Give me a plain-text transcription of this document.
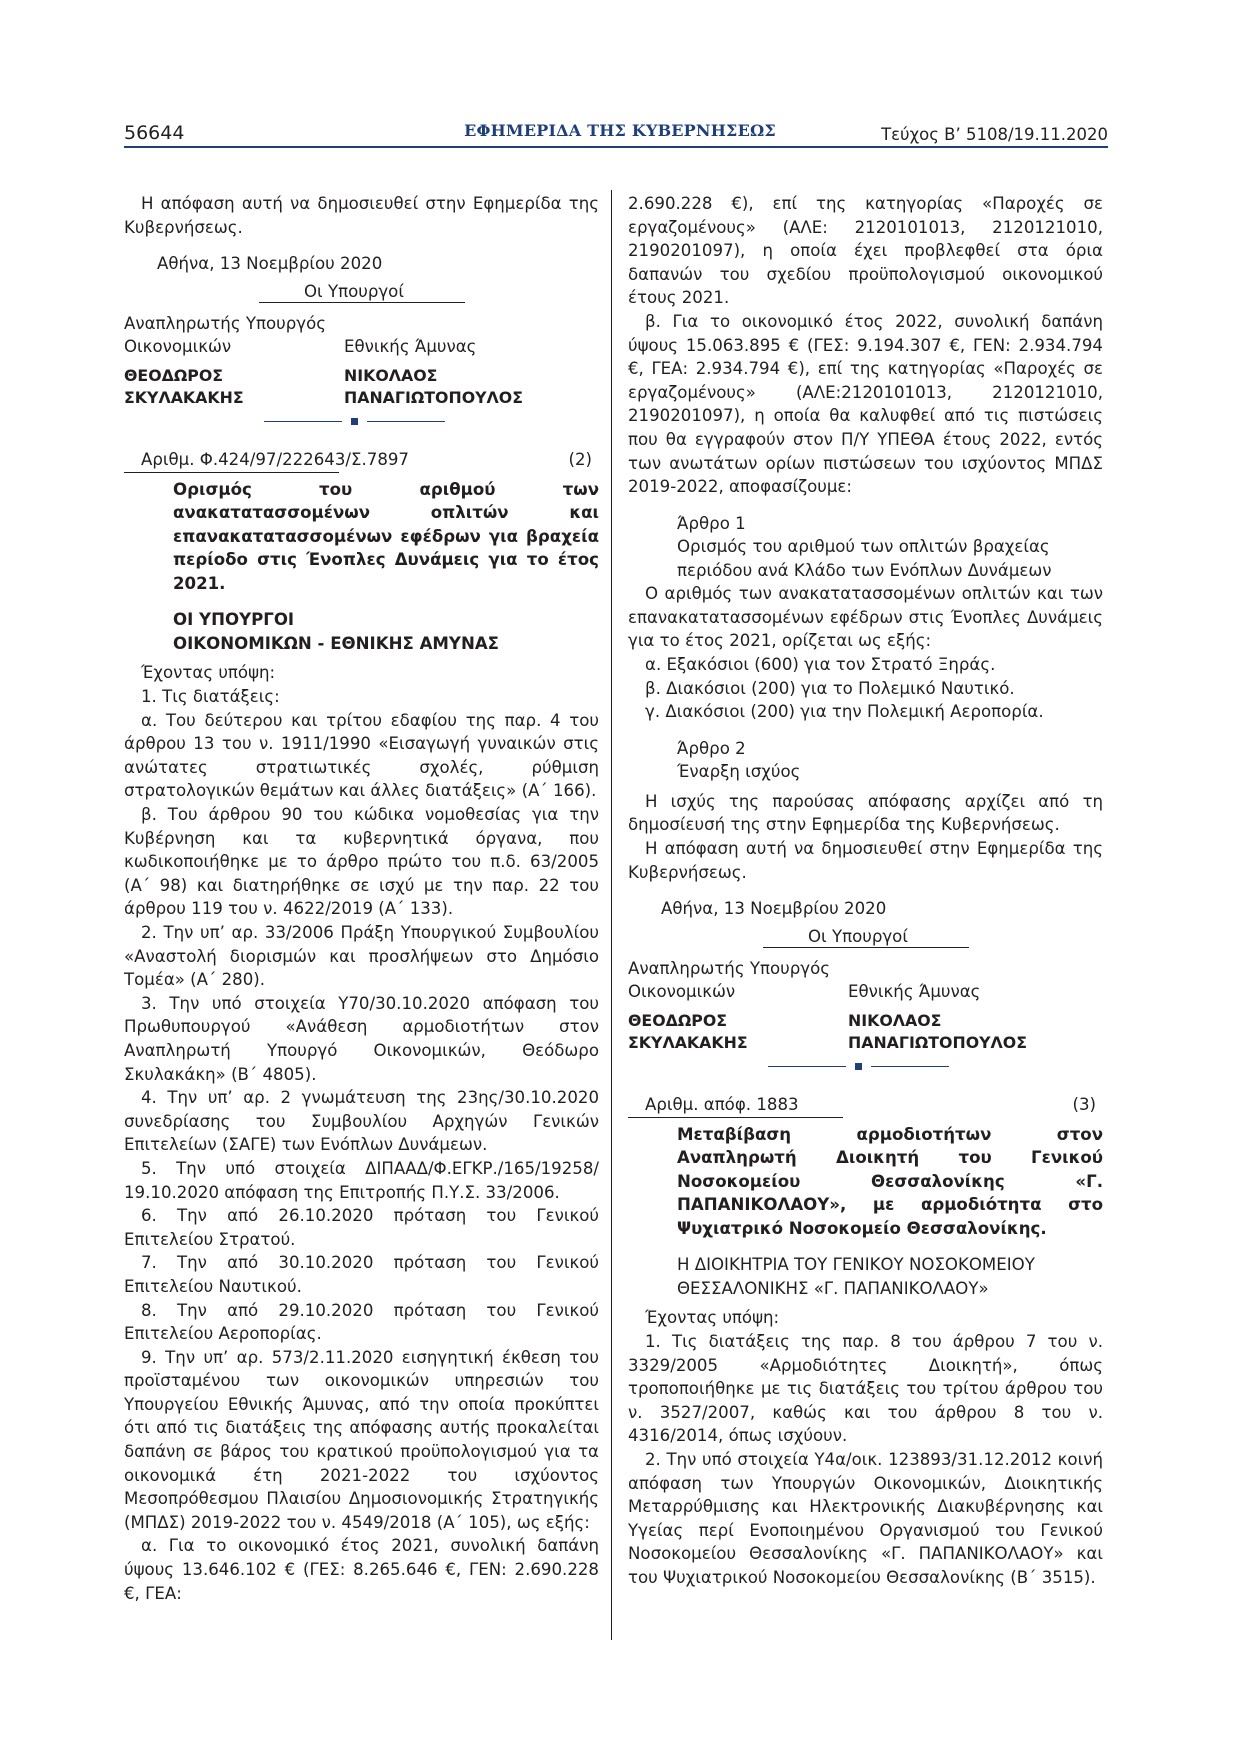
56644	ΕΦΗΜΕΡΙΔΑ ΤΗΣ ΚΥΒΕΡΝΗΣΕΩΣ	Τεύχος B’ 5108/19.11.2020

Η απόφαση αυτή να δημοσιευθεί στην Εφημερίδα της Κυβερνήσεως.

Αθήνα, 13 Νοεμβρίου 2020

Οι Υπουργοί
Αναπληρωτής Υπουργός
Οικονομικών	Εθνικής Άμυνας
ΘΕΟΔΩΡΟΣ	ΝΙΚΟΛΑΟΣ
ΣΚΥΛΑΚΑΚΗΣ	ΠΑΝΑΓΙΩΤΟΠΟΥΛΟΣ
Αριθμ. Φ.424/97/222643/Σ.7897	(2)
Ορισμός του αριθμού των ανακατατασσομένων οπλιτών και επανακατατασσομένων εφέδρων για βραχεία περίοδο στις Ένοπλες Δυνάμεις για το έτος 2021.
ΟΙ ΥΠΟΥΡΓΟΙ
ΟΙΚΟΝΟΜΙΚΩΝ - ΕΘΝΙΚΗΣ ΑΜΥΝΑΣ

Έχοντας υπόψη:

1. Τις διατάξεις:

α. Του δεύτερου και τρίτου εδαφίου της παρ. 4 του άρθρου 13 του ν. 1911/1990 «Εισαγωγή γυναικών στις ανώτατες στρατιωτικές σχολές, ρύθμιση στρατολογικών θεμάτων και άλλες διατάξεις» (Α΄ 166).

β. Του άρθρου 90 του κώδικα νομοθεσίας για την Κυβέρνηση και τα κυβερνητικά όργανα, που κωδικοποιήθηκε με το άρθρο πρώτο του π.δ. 63/2005 (Α΄ 98) και διατηρήθηκε σε ισχύ με την παρ. 22 του άρθρου 119 του ν. 4622/2019 (Α΄ 133).

2. Την υπ’ αρ. 33/2006 Πράξη Υπουργικού Συμβουλίου «Αναστολή διορισμών και προσλήψεων στο Δημόσιο Τομέα» (Α΄ 280).

3. Την υπό στοιχεία Υ70/30.10.2020 απόφαση του Πρωθυπουργού «Ανάθεση αρμοδιοτήτων στον Αναπληρωτή Υπουργό Οικονομικών, Θεόδωρο Σκυλακάκη» (Β΄ 4805).

4. Την υπ’ αρ. 2 γνωμάτευση της 23ης/30.10.2020 συνεδρίασης του Συμβουλίου Αρχηγών Γενικών Επιτελείων (ΣΑΓΕ) των Ενόπλων Δυνάμεων.

5. Την υπό στοιχεία ΔΙΠΑΑΔ/Φ.ΕΓΚΡ./165/19258/ 19.10.2020 απόφαση της Επιτροπής Π.Υ.Σ. 33/2006.

6. Την από 26.10.2020 πρόταση του Γενικού Επιτελείου Στρατού.

7. Την από 30.10.2020 πρόταση του Γενικού Επιτελείου Ναυτικού.

8. Την από 29.10.2020 πρόταση του Γενικού Επιτελείου Αεροπορίας.

9. Την υπ’ αρ. 573/2.11.2020 εισηγητική έκθεση του προϊσταμένου των οικονομικών υπηρεσιών του Υπουργείου Εθνικής Άμυνας, από την οποία προκύπτει ότι από τις διατάξεις της απόφασης αυτής προκαλείται δαπάνη σε βάρος του κρατικού προϋπολογισμού για τα οικονομικά έτη 2021-2022 του ισχύοντος Μεσοπρόθεσμου Πλαισίου Δημοσιονομικής Στρατηγικής (ΜΠΔΣ) 2019-2022 του ν. 4549/2018 (Α΄ 105), ως εξής:

α. Για το οικονομικό έτος 2021, συνολική δαπάνη ύψους 13.646.102 € (ΓΕΣ: 8.265.646 €, ΓΕΝ: 2.690.228 €, ΓΕΑ:

2.690.228 €), επί της κατηγορίας «Παροχές σε εργαζομένους» (ΑΛΕ: 2120101013, 2120121010, 2190201097), η οποία έχει προβλεφθεί στα όρια δαπανών του σχεδίου προϋπολογισμού οικονομικού έτους 2021.

β. Για το οικονομικό έτος 2022, συνολική δαπάνη ύψους 15.063.895 € (ΓΕΣ: 9.194.307 €, ΓΕΝ: 2.934.794 €, ΓΕΑ: 2.934.794 €), επί της κατηγορίας «Παροχές σε εργαζομένους» (ΑΛΕ:2120101013, 2120121010, 2190201097), η οποία θα καλυφθεί από τις πιστώσεις που θα εγγραφούν στον Π/Υ ΥΠΕΘΑ έτους 2022, εντός των ανωτάτων ορίων πιστώσεων του ισχύοντος ΜΠΔΣ 2019-2022, αποφασίζουμε:

Άρθρο 1
Ορισμός του αριθμού των οπλιτών βραχείας
περιόδου ανά Κλάδο των Ενόπλων Δυνάμεων

Ο αριθμός των ανακατατασσομένων οπλιτών και των επανακατατασσομένων εφέδρων στις Ένοπλες Δυνάμεις για το έτος 2021, ορίζεται ως εξής:

α. Εξακόσιοι (600) για τον Στρατό Ξηράς.

β. Διακόσιοι (200) για το Πολεμικό Ναυτικό.

γ. Διακόσιοι (200) για την Πολεμική Αεροπορία.

Άρθρο 2
Έναρξη ισχύος

Η ισχύς της παρούσας απόφασης αρχίζει από τη δημοσίευσή της στην Εφημερίδα της Κυβερνήσεως.

Η απόφαση αυτή να δημοσιευθεί στην Εφημερίδα της Κυβερνήσεως.

Αθήνα, 13 Νοεμβρίου 2020

Οι Υπουργοί
Αναπληρωτής Υπουργός
Οικονομικών	Εθνικής Άμυνας
ΘΕΟΔΩΡΟΣ	ΝΙΚΟΛΑΟΣ
ΣΚΥΛΑΚΑΚΗΣ	ΠΑΝΑΓΙΩΤΟΠΟΥΛΟΣ
Αριθμ. απόφ. 1883	(3)
Μεταβίβαση αρμοδιοτήτων στον Αναπληρωτή Διοικητή του Γενικού Νοσοκομείου Θεσσαλονίκης «Γ. ΠΑΠΑΝΙΚΟΛΑΟΥ», με αρμοδιότητα στο Ψυχιατρικό Νοσοκομείο Θεσσαλονίκης.
Η ΔΙΟΙΚΗΤΡΙΑ ΤΟΥ ΓΕΝΙΚΟΥ ΝΟΣΟΚΟΜΕΙΟΥ
ΘΕΣΣΑΛΟΝΙΚΗΣ «Γ. ΠΑΠΑΝΙΚΟΛΑΟΥ»

Έχοντας υπόψη:

1. Τις διατάξεις της παρ. 8 του άρθρου 7 του ν. 3329/2005 «Αρμοδιότητες Διοικητή», όπως τροποποιήθηκε με τις διατάξεις του τρίτου άρθρου του ν. 3527/2007, καθώς και του άρθρου 8 του ν. 4316/2014, όπως ισχύουν.

2. Την υπό στοιχεία Υ4α/οικ. 123893/31.12.2012 κοινή απόφαση των Υπουργών Οικονομικών, Διοικητικής Μεταρρύθμισης και Ηλεκτρονικής Διακυβέρνησης και Υγείας περί Ενοποιημένου Οργανισμού του Γενικού Νοσοκομείου Θεσσαλονίκης «Γ. ΠΑΠΑΝΙΚΟΛΑΟΥ» και του Ψυχιατρικού Νοσοκομείου Θεσσαλονίκης (Β΄ 3515).
